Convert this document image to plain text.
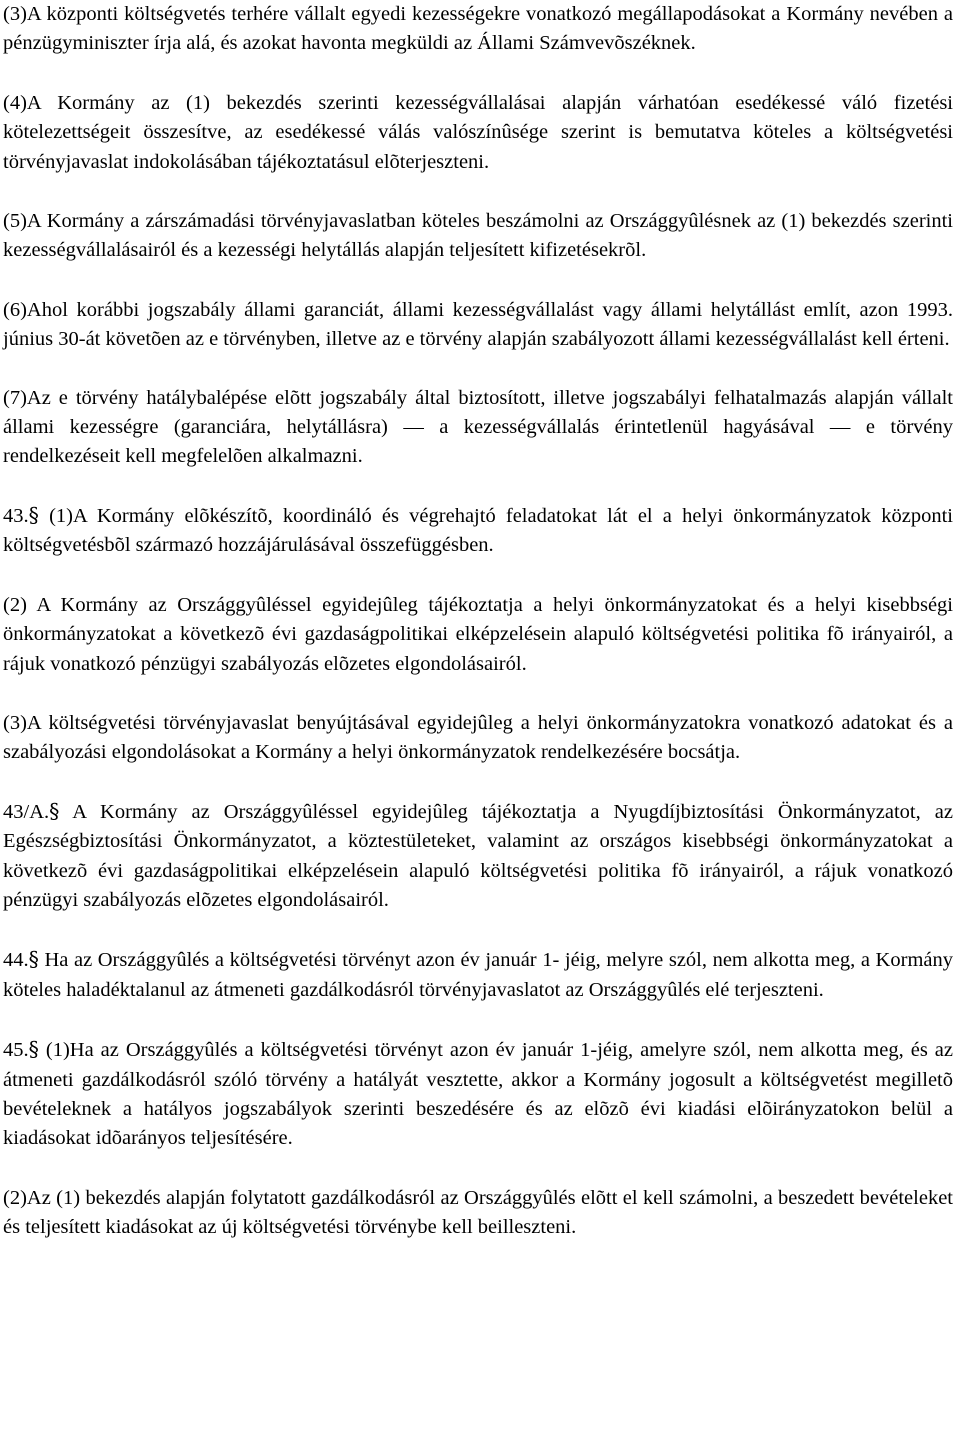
(3)A központi költségvetés terhére vállalt egyedi kezességekre vonatkozó megállapodásokat a Kormány nevében a pénzügyminiszter írja alá, és azokat havonta megküldi az Állami Számvevõszéknek.

(4)A Kormány az (1) bekezdés szerinti kezességvállalásai alapján várhatóan esedékessé váló fizetési kötelezettségeit összesítve, az esedékessé válás valószínûsége szerint is bemutatva köteles a költségvetési törvényjavaslat indokolásában tájékoztatásul elõterjeszteni.

(5)A Kormány a zárszámadási törvényjavaslatban köteles beszámolni az Országgyûlésnek az (1) bekezdés szerinti kezességvállalásairól és a kezességi helytállás alapján teljesített kifizetésekrõl.

(6)Ahol korábbi jogszabály állami garanciát, állami kezességvállalást vagy állami helytállást említ, azon 1993. június 30-át követõen az e törvényben, illetve az e törvény alapján szabályozott állami kezességvállalást kell érteni.

(7)Az e törvény hatálybalépése elõtt jogszabály által biztosított, illetve jogszabályi felhatalmazás alapján vállalt állami kezességre (garanciára, helytállásra) — a kezességvállalás érintetlenül hagyásával — e törvény rendelkezéseit kell megfelelõen alkalmazni.

43.§ (1)A Kormány elõkészítõ, koordináló és végrehajtó feladatokat lát el a helyi önkormányzatok központi költségvetésbõl származó hozzájárulásával összefüggésben.

(2) A Kormány az Országgyûléssel egyidejûleg tájékoztatja a helyi önkormányzatokat és a helyi kisebbségi önkormányzatokat a következõ évi gazdaságpolitikai elképzelésein alapuló költségvetési politika fõ irányairól, a rájuk vonatkozó pénzügyi szabályozás elõzetes elgondolásairól.

(3)A költségvetési törvényjavaslat benyújtásával egyidejûleg a helyi önkormányzatokra vonatkozó adatokat és a szabályozási elgondolásokat a Kormány a helyi önkormányzatok rendelkezésére bocsátja.

43/A.§ A Kormány az Országgyûléssel egyidejûleg tájékoztatja a Nyugdíjbiztosítási Önkormányzatot, az Egészségbiztosítási Önkormányzatot, a köztestületeket, valamint az országos kisebbségi önkormányzatokat a következõ évi gazdaságpolitikai elképzelésein alapuló költségvetési politika fõ irányairól, a rájuk vonatkozó pénzügyi szabályozás elõzetes elgondolásairól.

44.§ Ha az Országgyûlés a költségvetési törvényt azon év január 1- jéig, melyre szól, nem alkotta meg, a Kormány köteles haladéktalanul az átmeneti gazdálkodásról törvényjavaslatot az Országgyûlés elé terjeszteni.

45.§ (1)Ha az Országgyûlés a költségvetési törvényt azon év január 1-jéig, amelyre szól, nem alkotta meg, és az átmeneti gazdálkodásról szóló törvény a hatályát vesztette, akkor a Kormány jogosult a költségvetést megilletõ bevételeknek a hatályos jogszabályok szerinti beszedésére és az elõzõ évi kiadási elõirányzatokon belül a kiadásokat idõarányos teljesítésére.

(2)Az (1) bekezdés alapján folytatott gazdálkodásról az Országgyûlés elõtt el kell számolni, a beszedett bevételeket és teljesített kiadásokat az új költségvetési törvénybe kell beilleszteni.
